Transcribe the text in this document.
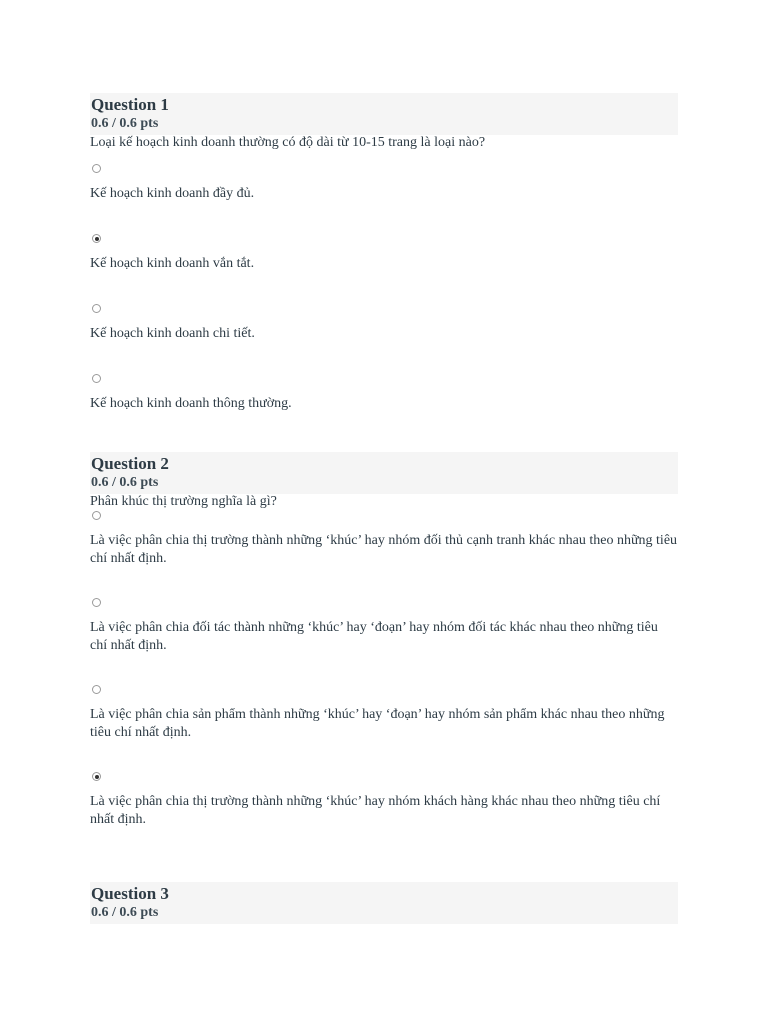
Question 1
0.6 / 0.6 pts
Loại kế hoạch kinh doanh thường có độ dài từ 10-15 trang là loại nào?
Kế hoạch kinh doanh đầy đủ.
Kế hoạch kinh doanh vắn tắt.
Kế hoạch kinh doanh chi tiết.
Kế hoạch kinh doanh thông thường.
Question 2
0.6 / 0.6 pts
Phân khúc thị trường nghĩa là gì?
Là việc phân chia thị trường thành những ‘khúc’ hay nhóm đối thủ cạnh tranh khác nhau theo những tiêu chí nhất định.
Là việc phân chia đối tác thành những ‘khúc’ hay ‘đoạn’ hay nhóm đối tác khác nhau theo những tiêu chí nhất định.
Là việc phân chia sản phẩm thành những ‘khúc’ hay ‘đoạn’ hay nhóm sản phẩm khác nhau theo những tiêu chí nhất định.
Là việc phân chia thị trường thành những ‘khúc’ hay nhóm khách hàng khác nhau theo những tiêu chí nhất định.
Question 3
0.6 / 0.6 pts
